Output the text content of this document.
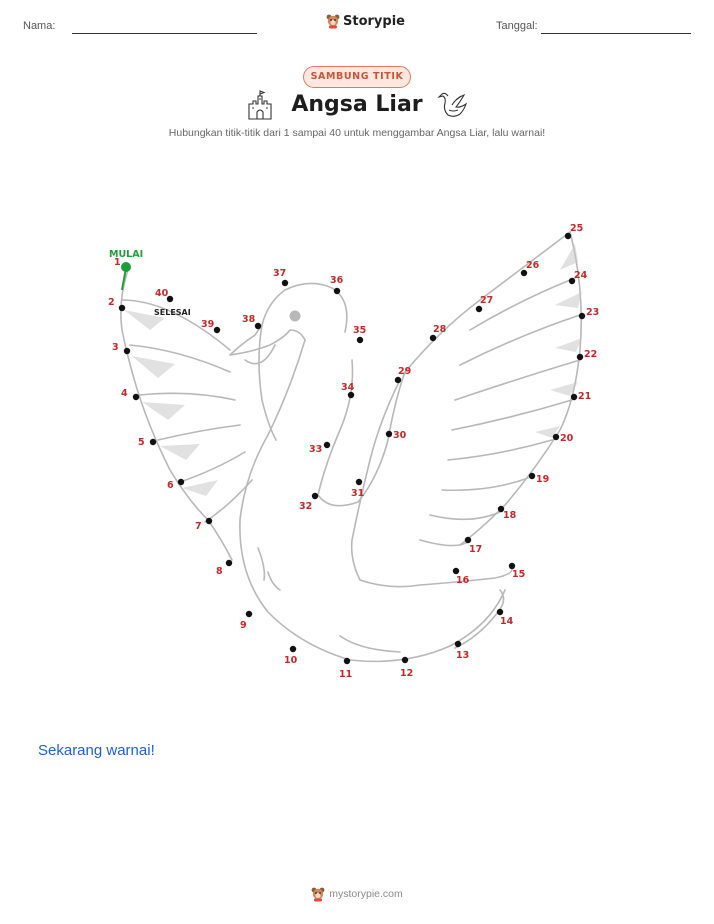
Nama:	Storypie	Tanggal:
SAMBUNG TITIK
Angsa Liar
Hubungkan titik-titik dari 1 sampai 40 untuk menggambar Angsa Liar, lalu warnai!
1
2
3
4
5
6
7
8
9
10
11	12
13
14
15
16
17
18
19
20
21
22
23
24
25
26
27
28
29
30
31
32
33
34
35
36
37
38
39
40
MULAI
SELESAI
Sekarang warnai!
mystorypie.com
